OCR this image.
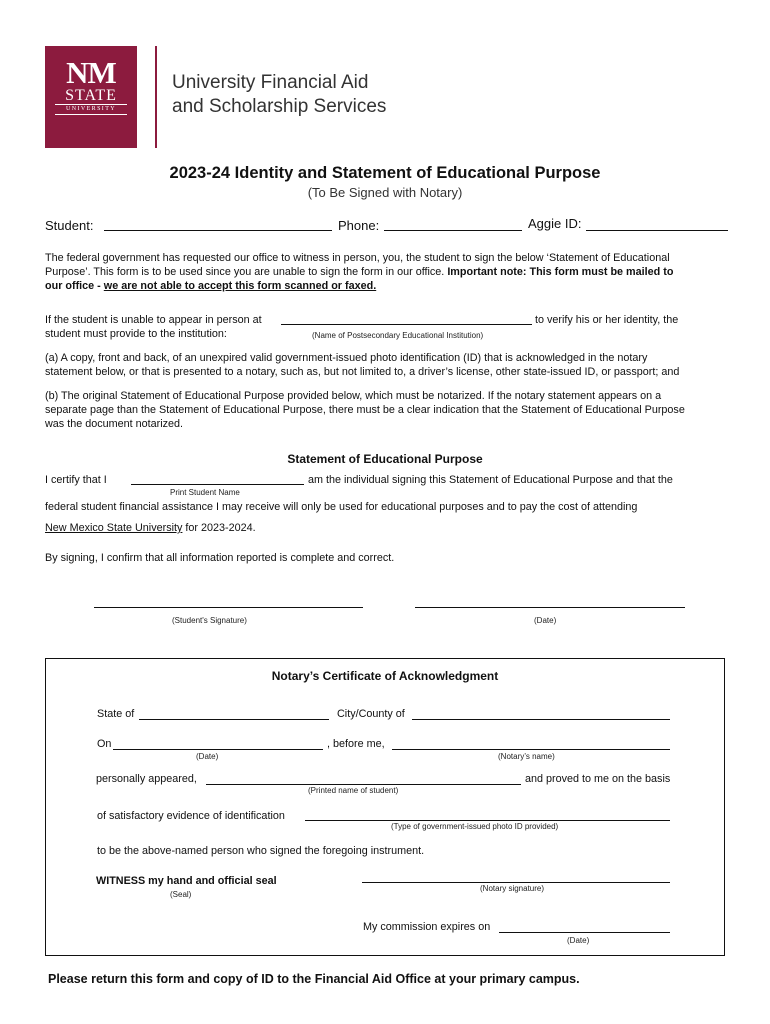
NM
STATE
UNIVERSITY
University Financial Aid
and Scholarship Services
2023-24 Identity and Statement of Educational Purpose
(To Be Signed with Notary)
Student:	Phone:	Aggie ID:
The federal government has requested our office to witness in person, you, the student to sign the below ‘Statement of Educational
Purpose’. This form is to be used since you are unable to sign the form in our office. Important note: This form must be mailed to
our office - we are not able to accept this form scanned or faxed.
If the student is unable to appear in person at	to verify his or her identity, the
student must provide to the institution:	(Name of Postsecondary Educational Institution)
(a) A copy, front and back, of an unexpired valid government-issued photo identification (ID) that is acknowledged in the notary
statement below, or that is presented to a notary, such as, but not limited to, a driver’s license, other state-issued ID, or passport; and
(b) The original Statement of Educational Purpose provided below, which must be notarized. If the notary statement appears on a
separate page than the Statement of Educational Purpose, there must be a clear indication that the Statement of Educational Purpose
was the document notarized.
Statement of Educational Purpose
I certify that I	am the individual signing this Statement of Educational Purpose and that the
Print Student Name
federal student financial assistance I may receive will only be used for educational purposes and to pay the cost of attending
New Mexico State University for 2023-2024.
By signing, I confirm that all information reported is complete and correct.
(Student's Signature)	(Date)
Notary’s Certificate of Acknowledgment
State of	City/County of
On	, before me,
(Date)	(Notary’s name)
personally appeared,	and proved to me on the basis
(Printed name of student)
of satisfactory evidence of identification
(Type of government-issued photo ID provided)
to be the above-named person who signed the foregoing instrument.
WITNESS my hand and official seal
(Seal)
(Notary signature)
My commission expires on
(Date)
Please return this form and copy of ID to the Financial Aid Office at your primary campus.
